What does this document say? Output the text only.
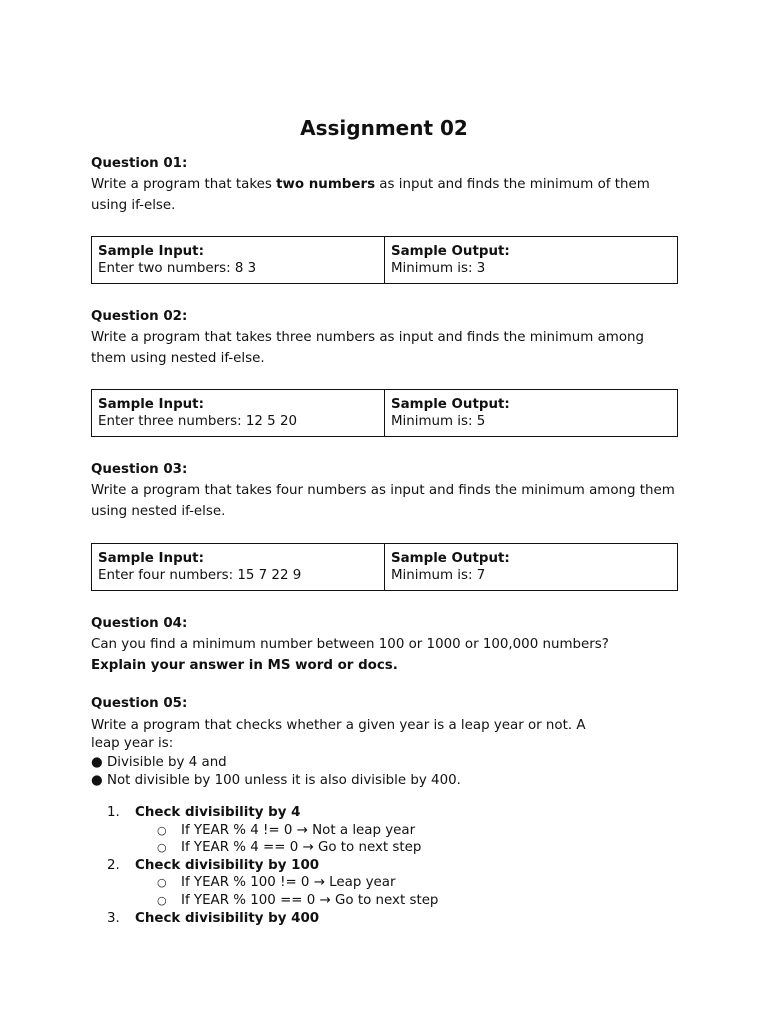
Assignment 02
Question 01:

Write a program that takes two numbers as input and finds the minimum of them

using if-else.

Sample Input:
Enter two numbers: 8 3
Sample Output:
Minimum is: 3
Question 02:

Write a program that takes three numbers as input and finds the minimum among

them using nested if-else.

Sample Input:
Enter three numbers: 12 5 20
Sample Output:
Minimum is: 5
Question 03:

Write a program that takes four numbers as input and finds the minimum among them

using nested if-else.

Sample Input:
Enter four numbers: 15 7 22 9
Sample Output:
Minimum is: 7
Question 04:

Can you find a minimum number between 100 or 1000 or 100,000 numbers?

Explain your answer in MS word or docs.

Question 05:

Write a program that checks whether a given year is a leap year or not. A

leap year is:

● Divisible by 4 and

● Not divisible by 100 unless it is also divisible by 400.

1.	Check divisibility by 4
○	If YEAR % 4 != 0 → Not a leap year
○	If YEAR % 4 == 0 → Go to next step
2.	Check divisibility by 100
○	If YEAR % 100 != 0 → Leap year
○	If YEAR % 100 == 0 → Go to next step
3.	Check divisibility by 400
